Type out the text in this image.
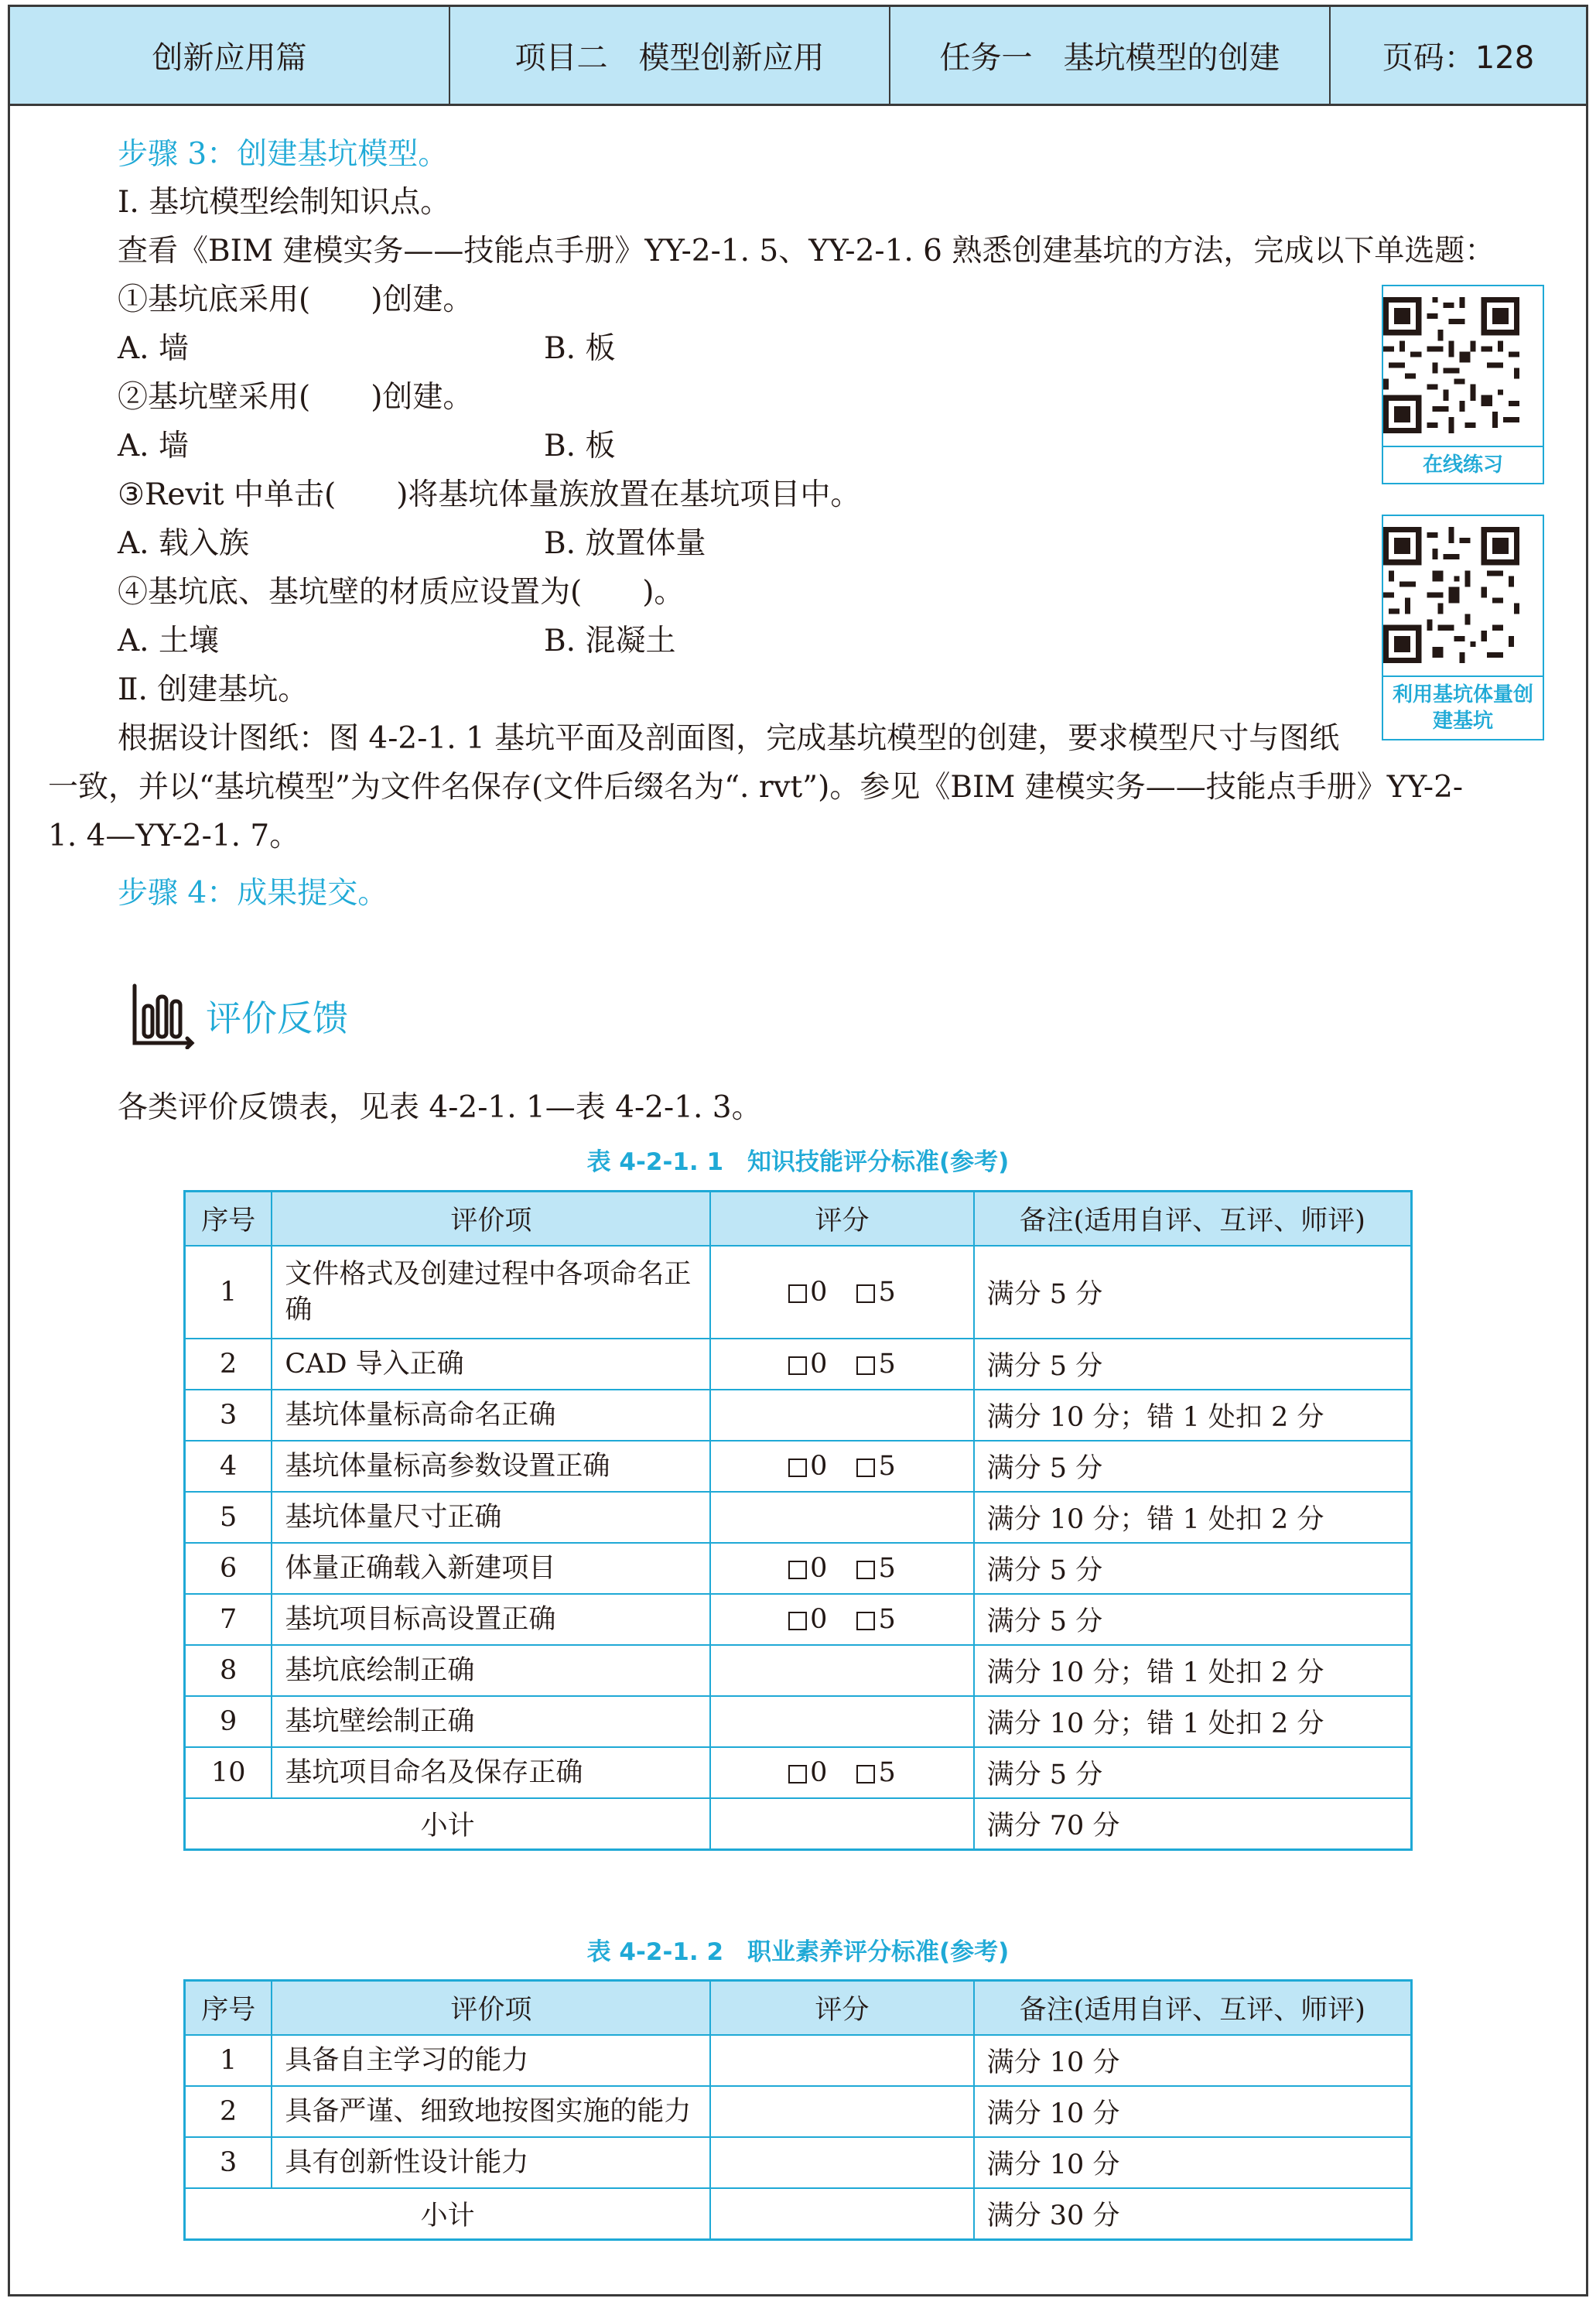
创新应用篇	项目二　模型创新应用	任务一　基坑模型的创建	页码：128
步骤 3：创建基坑模型。
Ⅰ. 基坑模型绘制知识点。
查看《BIM 建模实务——技能点手册》YY-2-1. 5、YY-2-1. 6 熟悉创建基坑的方法，完成以下单选题：
①基坑底采用(　　)创建。
A. 墙	B. 板
②基坑壁采用(　　)创建。
A. 墙	B. 板
③Revit 中单击(　　)将基坑体量族放置在基坑项目中。
A. 载入族	B. 放置体量
④基坑底、基坑壁的材质应设置为(　　)。
A. 土壤	B. 混凝土
Ⅱ. 创建基坑。
根据设计图纸：图 4-2-1. 1 基坑平面及剖面图，完成基坑模型的创建，要求模型尺寸与图纸
一致，并以“基坑模型”为文件名保存(文件后缀名为“. rvt”)。参见《BIM 建模实务——技能点手册》YY-2-
1. 4—YY-2-1. 7。
步骤 4：成果提交。
在线练习
利用基坑体量创建基坑
评价反馈
各类评价反馈表，见表 4-2-1. 1—表 4-2-1. 3。
表 4-2-1. 1　知识技能评分标准(参考)
序号	评价项	评分	备注(适用自评、互评、师评)
1	文件格式及创建过程中各项命名正确	0 5	满分 5 分
2	CAD 导入正确	0 5	满分 5 分
3	基坑体量标高命名正确		满分 10 分；错 1 处扣 2 分
4	基坑体量标高参数设置正确	0 5	满分 5 分
5	基坑体量尺寸正确		满分 10 分；错 1 处扣 2 分
6	体量正确载入新建项目	0 5	满分 5 分
7	基坑项目标高设置正确	0 5	满分 5 分
8	基坑底绘制正确		满分 10 分；错 1 处扣 2 分
9	基坑壁绘制正确		满分 10 分；错 1 处扣 2 分
10	基坑项目命名及保存正确	0 5	满分 5 分
小计			满分 70 分
表 4-2-1. 2　职业素养评分标准(参考)
序号	评价项	评分	备注(适用自评、互评、师评)
1	具备自主学习的能力		满分 10 分
2	具备严谨、细致地按图实施的能力		满分 10 分
3	具有创新性设计能力		满分 10 分
小计			满分 30 分
